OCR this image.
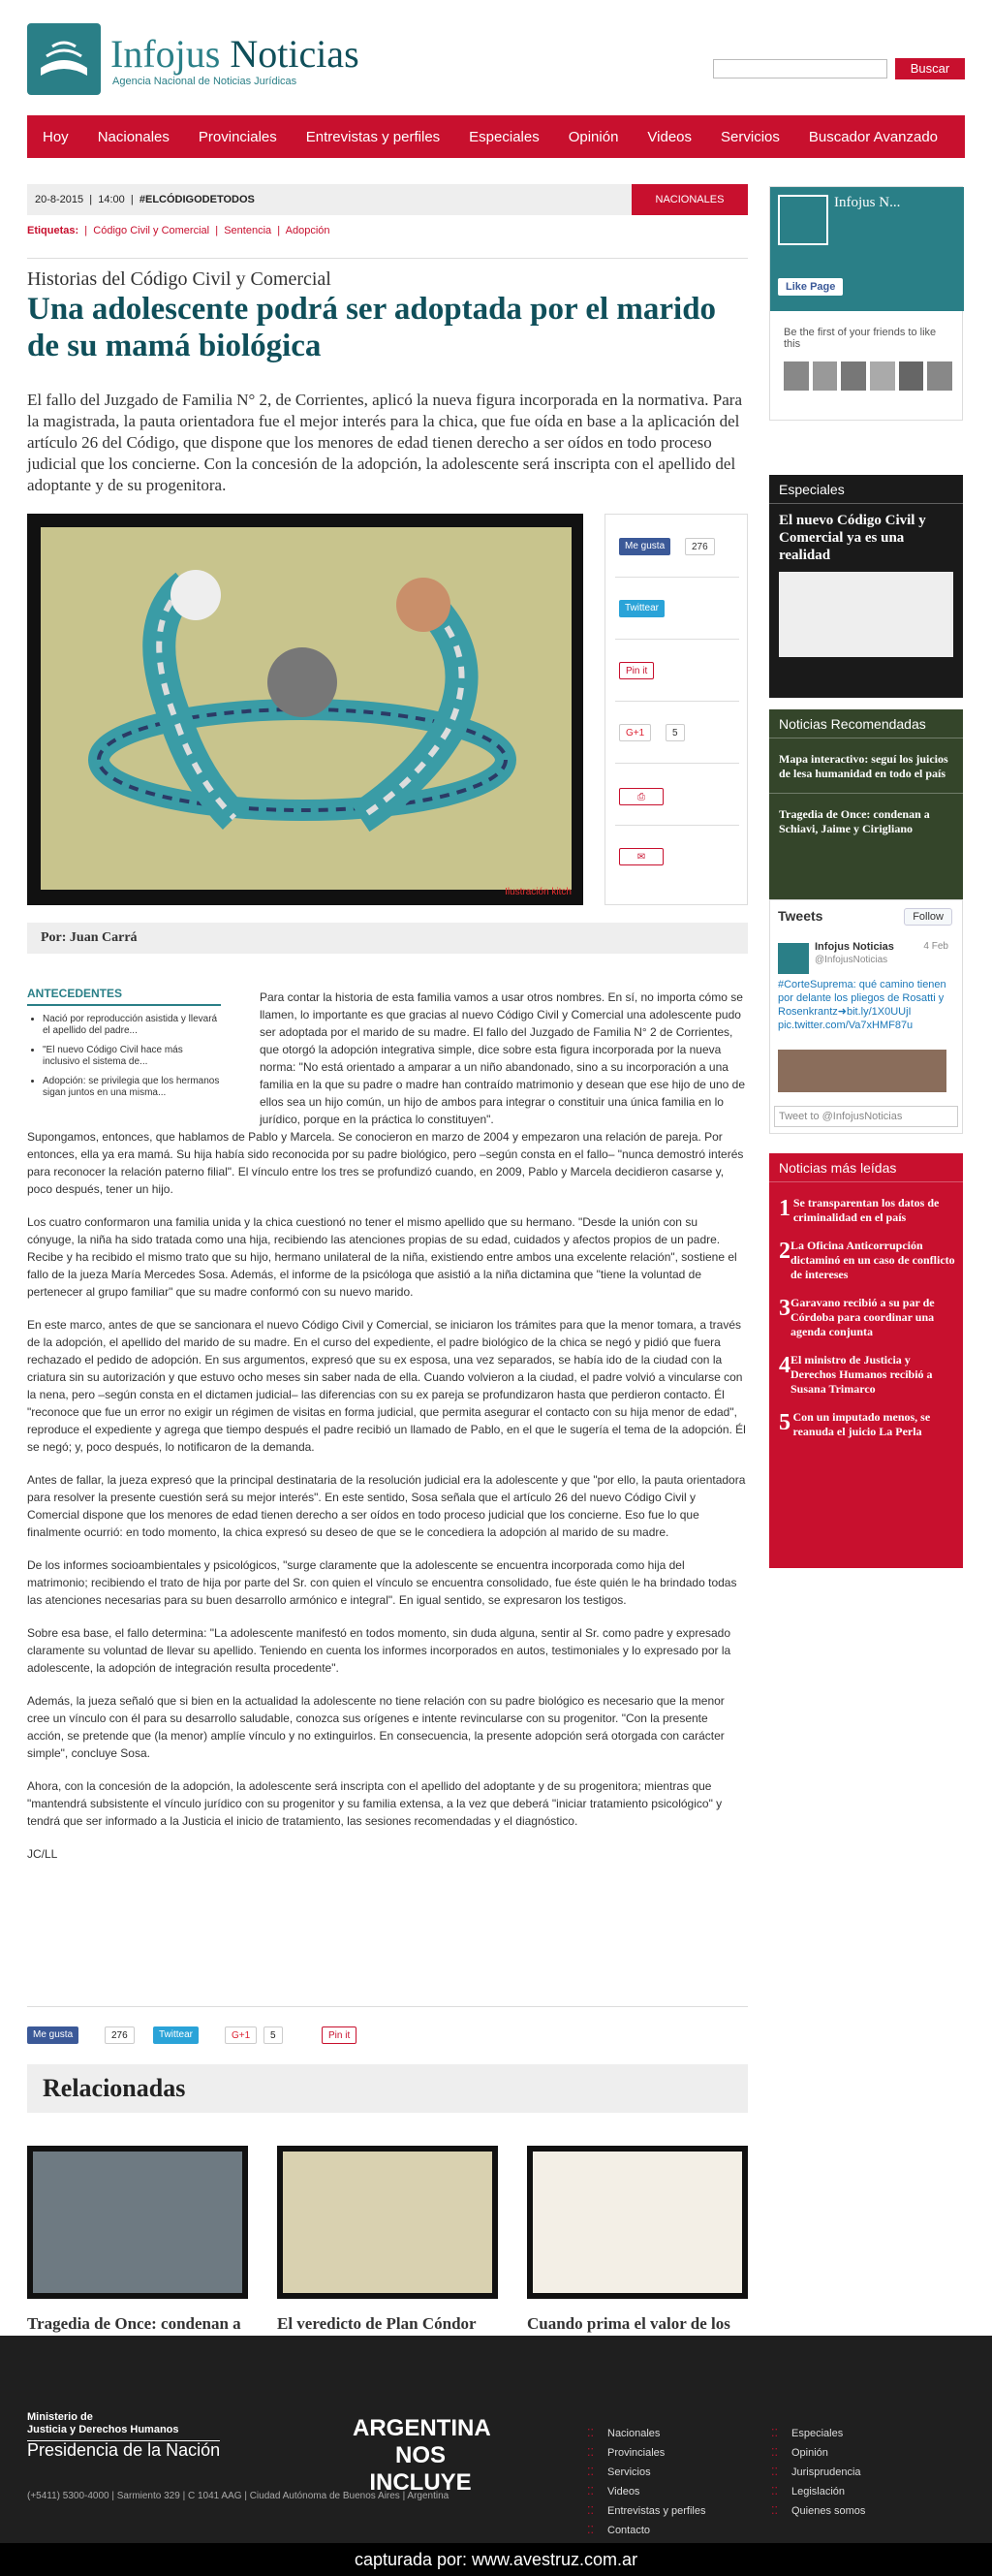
Infojus Noticias
Agencia Nacional de Noticias Jurídicas
Buscar
Hoy Nacionales Provinciales Entrevistas y perfiles Especiales Opinión Videos Servicios Buscador Avanzado
20-8-2015  |  14:00  |  #ELCÓDIGODETODOS	NACIONALES
Etiquetas:  |  Código Civil y Comercial  |  Sentencia  |  Adopción
Historias del Código Civil y Comercial
Una adolescente podrá ser adoptada por el marido de su mamá biológica

El fallo del Juzgado de Familia N° 2, de Corrientes, aplicó la nueva figura incorporada en la normativa. Para la magistrada, la pauta orientadora fue el mejor interés para la chica, que fue oída en base a la aplicación del artículo 26 del Código, que dispone que los menores de edad tienen derecho a ser oídos en todo proceso judicial que los concierne. Con la concesión de la adopción, la adolescente será inscripta con el apellido del adoptante y de su progenitora.

Ilustración kitch
Me gusta	276
Twittear
Pin it
G+1	5
⎙
✉
Por: Juan Carrá

Para contar la historia de esta familia vamos a usar otros nombres. En sí, no importa cómo se llamen, lo importante es que gracias al nuevo Código Civil y Comercial una adolescente pudo ser adoptada por el marido de su madre. El fallo del Juzgado de Familia N° 2 de Corrientes, que otorgó la adopción integrativa simple, dice sobre esta figura incorporada por la nueva norma: "No está orientado a amparar a un niño abandonado, sino a su incorporación a una familia en la que su padre o madre han contraído matrimonio y desean que ese hijo de uno de ellos sea un hijo común, un hijo de ambos para integrar o constituir una única familia en lo jurídico, porque en la práctica lo constituyen".

Supongamos, entonces, que hablamos de Pablo y Marcela. Se conocieron en marzo de 2004 y empezaron una relación de pareja. Por entonces, ella ya era mamá. Su hija había sido reconocida por su padre biológico, pero –según consta en el fallo– "nunca demostró interés para reconocer la relación paterno filial". El vínculo entre los tres se profundizó cuando, en 2009, Pablo y Marcela decidieron casarse y, poco después, tener un hijo.

Los cuatro conformaron una familia unida y la chica cuestionó no tener el mismo apellido que su hermano. "Desde la unión con su cónyuge, la niña ha sido tratada como una hija, recibiendo las atenciones propias de su edad, cuidados y afectos propios de un padre. Recibe y ha recibido el mismo trato que su hijo, hermano unilateral de la niña, existiendo entre ambos una excelente relación", sostiene el fallo de la jueza María Mercedes Sosa. Además, el informe de la psicóloga que asistió a la niña dictamina que "tiene la voluntad de pertenecer al grupo familiar" que su madre conformó con su nuevo marido.

En este marco, antes de que se sancionara el nuevo Código Civil y Comercial, se iniciaron los trámites para que la menor tomara, a través de la adopción, el apellido del marido de su madre. En el curso del expediente, el padre biológico de la chica se negó y pidió que fuera rechazado el pedido de adopción. En sus argumentos, expresó que su ex esposa, una vez separados, se había ido de la ciudad con la criatura sin su autorización y que estuvo ocho meses sin saber nada de ella. Cuando volvieron a la ciudad, el padre volvió a vincularse con la nena, pero –según consta en el dictamen judicial– las diferencias con su ex pareja se profundizaron hasta que perdieron contacto. Él "reconoce que fue un error no exigir un régimen de visitas en forma judicial, que permita asegurar el contacto con su hija menor de edad", reproduce el expediente y agrega que tiempo después el padre recibió un llamado de Pablo, en el que le sugería el tema de la adopción. Él se negó; y, poco después, lo notificaron de la demanda.

Antes de fallar, la jueza expresó que la principal destinataria de la resolución judicial era la adolescente y que "por ello, la pauta orientadora para resolver la presente cuestión será su mejor interés". En este sentido, Sosa señala que el artículo 26 del nuevo Código Civil y Comercial dispone que los menores de edad tienen derecho a ser oídos en todo proceso judicial que los concierne. Eso fue lo que finalmente ocurrió: en todo momento, la chica expresó su deseo de que se le concediera la adopción al marido de su madre.

De los informes socioambientales y psicológicos, "surge claramente que la adolescente se encuentra incorporada como hija del matrimonio; recibiendo el trato de hija por parte del Sr. con quien el vínculo se encuentra consolidado, fue éste quién le ha brindado todas las atenciones necesarias para su buen desarrollo armónico e integral". En igual sentido, se expresaron los testigos.

Sobre esa base, el fallo determina: "La adolescente manifestó en todos momento, sin duda alguna, sentir al Sr. como padre y expresado claramente su voluntad de llevar su apellido. Teniendo en cuenta los informes incorporados en autos, testimoniales y lo expresado por la adolescente, la adopción de integración resulta procedente".

Además, la jueza señaló que si bien en la actualidad la adolescente no tiene relación con su padre biológico es necesario que la menor cree un vínculo con él para su desarrollo saludable, conozca sus orígenes e intente revincularse con su progenitor. "Con la presente acción, se pretende que (la menor) amplíe vínculo y no extinguirlos. En consecuencia, la presente adopción será otorgada con carácter simple", concluye Sosa.

Ahora, con la concesión de la adopción, la adolescente será inscripta con el apellido del adoptante y de su progenitora; mientras que "mantendrá subsistente el vínculo jurídico con su progenitor y su familia extensa, a la vez que deberá "iniciar tratamiento psicológico" y tendrá que ser informado a la Justicia el inicio de tratamiento, las sesiones recomendadas y el diagnóstico.

JC/LL

ANTECEDENTES
• Nació por reproducción asistida y llevará el apellido del padre...
• "El nuevo Código Civil hace más inclusivo el sistema de...
• Adopción: se privilegia que los hermanos sigan juntos en una misma...
Me gusta	276	Twittear	G+1	5	Pin it
Relacionadas
Tragedia de Once: condenan a	El veredicto de Plan Cóndor	Cuando prima el valor de los
Infojus N...
Like Page
Be the first of your friends to like this
Especiales
El nuevo Código Civil y Comercial ya es una realidad
Noticias Recomendadas
Mapa interactivo: seguí los juicios de lesa humanidad en todo el país
Tragedia de Once: condenan a Schiavi, Jaime y Cirigliano
Tweets	Follow
Infojus Noticias	4 Feb
@InfojusNoticias
#CorteSuprema: qué camino tienen por delante los pliegos de Rosatti y Rosenkrantz➜bit.ly/1X0UUjI pic.twitter.com/Va7xHMF87u
Tweet to @InfojusNoticias
Noticias más leídas
1 Se transparentan los datos de criminalidad en el país
2 La Oficina Anticorrupción dictaminó en un caso de conflicto de intereses
3 Garavano recibió a su par de Córdoba para coordinar una agenda conjunta
4 El ministro de Justicia y Derechos Humanos recibió a Susana Trimarco
5 Con un imputado menos, se reanuda el juicio La Perla
Ministerio de
Justicia y Derechos Humanos
Presidencia de la Nación
ARGENTINA
NOS INCLUYE
(+5411) 5300-4000 | Sarmiento 329 | C 1041 AAG | Ciudad Autónoma de Buenos Aires | Argentina
⁚⁚ Nacionales
⁚⁚ Provinciales
⁚⁚ Servicios
⁚⁚ Videos
⁚⁚ Entrevistas y perfiles
⁚⁚ Contacto
⁚⁚ Especiales
⁚⁚ Opinión
⁚⁚ Jurisprudencia
⁚⁚ Legislación
⁚⁚ Quienes somos
capturada por: www.avestruz.com.ar
